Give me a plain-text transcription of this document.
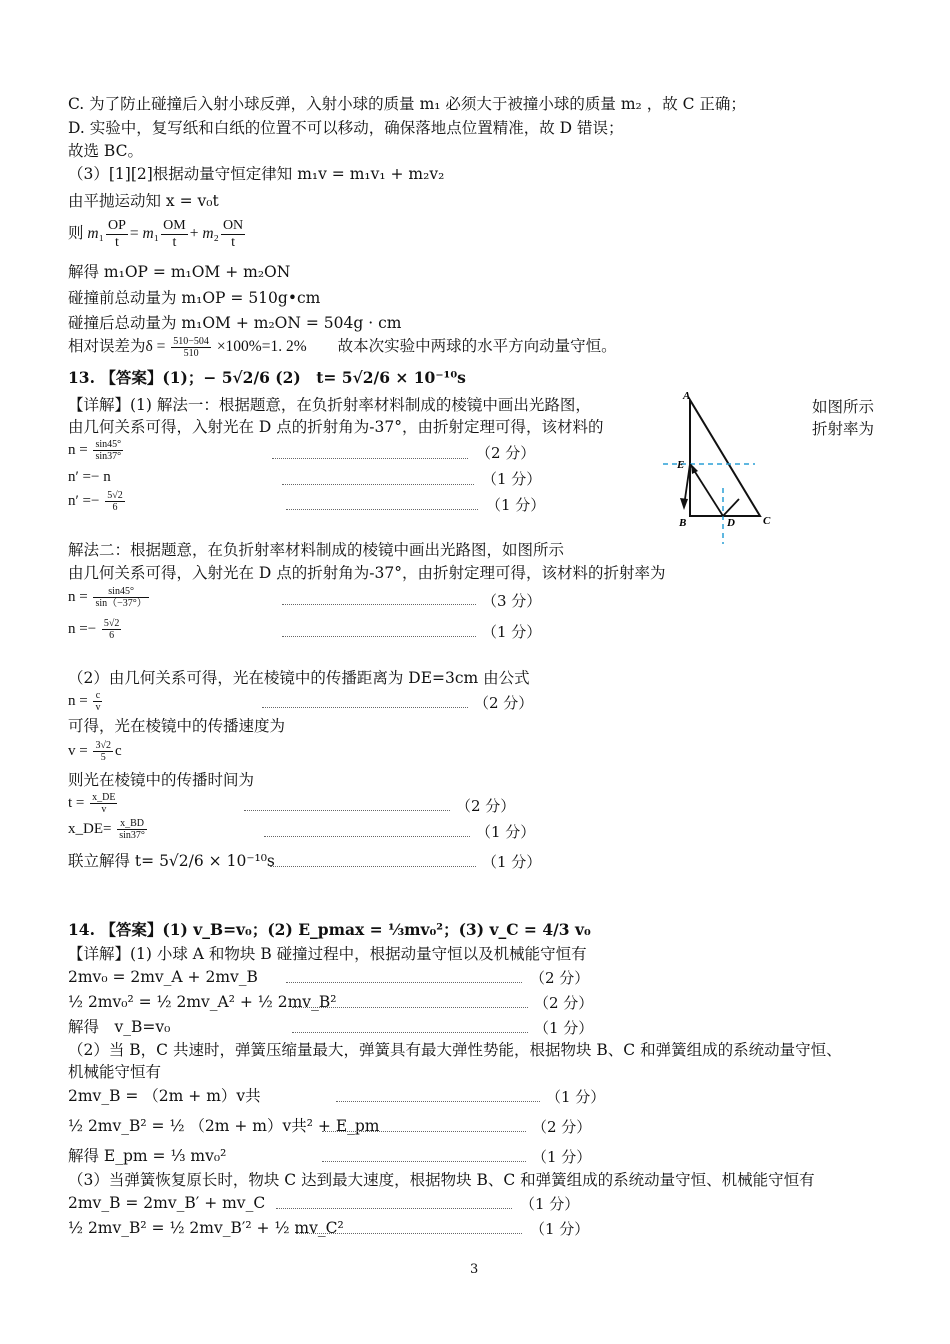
C. 为了防止碰撞后入射小球反弹，入射小球的质量 m₁ 必须大于被撞小球的质量 m₂ ，故 C 正确；
D. 实验中，复写纸和白纸的位置不可以移动，确保落地点位置精准，故 D 错误；
故选 BC。
（3）[1][2]根据动量守恒定律知 m₁v = m₁v₁ + m₂v₂
由平抛运动知 x = v₀t
则 $m_1 \frac{OP}{t} = m_1 \frac{OM}{t} + m_2 \frac{ON}{t}$
解得 m₁OP = m₁OM + m₂ON
碰撞前总动量为 m₁OP = 510g•cm
碰撞后总动量为 m₁OM + m₂ON = 504g · cm
相对误差为$\delta = \frac{510-504}{510} \times 100\%=1$. 2%　　故本次实验中两球的水平方向动量守恒。
13. 【答案】(1)；− 5√2/6 (2)　t= 5√2/6 × 10⁻¹⁰s
【详解】(1) 解法一：根据题意，在负折射率材料制成的棱镜中画出光路图，	如图所示
由几何关系可得，入射光在 D 点的折射角为-37°，由折射定理可得，该材料的	折射率为
$n = \frac{\sin 45^\circ}{\sin 37^\circ}$	（2 分）
n′ =− n	（1 分）
$n' =- \frac{5√2}{6}$	（1 分）
A
E
B	D	C
解法二：根据题意，在负折射率材料制成的棱镜中画出光路图，如图所示
由几何关系可得，入射光在 D 点的折射角为-37°，由折射定理可得，该材料的折射率为
$n = \frac{\sin 45^\circ}{\sin(-37^\circ)}$	（3 分）
$n =- \frac{5√2}{6}$	（1 分）
（2）由几何关系可得，光在棱镜中的传播距离为 DE=3cm 由公式
$n = \frac{c}{v}$	（2 分）
可得，光在棱镜中的传播速度为
$v = \frac{3√2}{5}$ c
则光在棱镜中的传播时间为
$t = \frac{x\_DE}{v}$	（2 分）
x_DE= $\frac{x\_BD}{\sin 37^\circ}$	（1 分）
联立解得 t= 5√2/6 × 10⁻¹⁰s	（1 分）
14. 【答案】(1) v_B=v₀；(2) E_pmax = ⅓mv₀²；(3) v_C = 4/3 v₀
【详解】(1) 小球 A 和物块 B 碰撞过程中，根据动量守恒以及机械能守恒有
2mv₀ = 2mv_A + 2mv_B	（2 分）
½ 2mv₀² = ½ 2mv_A² + ½ 2mv_B²	（2 分）
解得　v_B=v₀	（1 分）
（2）当 B，C 共速时，弹簧压缩量最大，弹簧具有最大弹性势能，根据物块 B、C 和弹簧组成的系统动量守恒、
机械能守恒有
2mv_B = （2m + m）v共	（1 分）
½ 2mv_B² = ½ （2m + m）v共² + E_pm	（2 分）
解得 E_pm = ⅓ mv₀²	（1 分）
（3）当弹簧恢复原长时，物块 C 达到最大速度，根据物块 B、C 和弹簧组成的系统动量守恒、机械能守恒有
2mv_B = 2mv_B′ + mv_C	（1 分）
½ 2mv_B² = ½ 2mv_B′² + ½ mv_C²	（1 分）
3
